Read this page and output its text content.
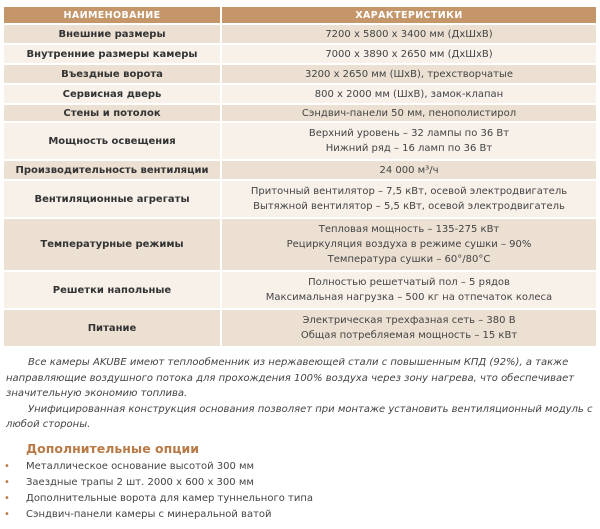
НАИМЕНОВАНИЕ	ХАРАКТЕРИСТИКИ
Внешние размеры	7200 х 5800 х 3400 мм (ДхШхВ)

Внутренние размеры камеры	7000 х 3890 х 2650 мм (ДхШхВ)

Въездные ворота	3200 х 2650 мм (ШхВ), трехстворчатые

Сервисная дверь	800 х 2000 мм (ШхВ), замок-клапан

Стены и потолок	Сэндвич-панели 50 мм, пенополистирол

Мощность освещения	Верхний уровень – 32 лампы по 36 Вт
Нижний ряд – 16 ламп по 36 Вт

Производительность вентиляции	24 000 м³/ч

Вентиляционные агрегаты	Приточный вентилятор – 7,5 кВт, осевой электродвигатель
Вытяжной вентилятор – 5,5 кВт, осевой электродвигатель

Температурные режимы	Тепловая мощность – 135-275 кВт
Рециркуляция воздуха в режиме сушки – 90%
Температура сушки – 60°/80°С

Решетки напольные	Полностью решетчатый пол – 5 рядов
Максимальная нагрузка – 500 кг на отпечаток колеса

Питание	Электрическая трехфазная сеть – 380 В
Общая потребляемая мощность – 15 кВт

Все камеры AKUBE имеют теплообменник из нержавеющей стали с повышенным КПД (92%), а также направляющие воздушного потока для прохождения 100% воздуха через зону нагрева, что обеспечивает значительную экономию топлива.

Унифицированная конструкция основания позволяет при монтаже установить вентиляционный модуль с любой стороны.

Дополнительные опции
• Металлическое основание высотой 300 мм
• Заездные трапы 2 шт. 2000 х 600 х 300 мм
• Дополнительные ворота для камер туннельного типа
• Сэндвич-панели камеры с минеральной ватой
